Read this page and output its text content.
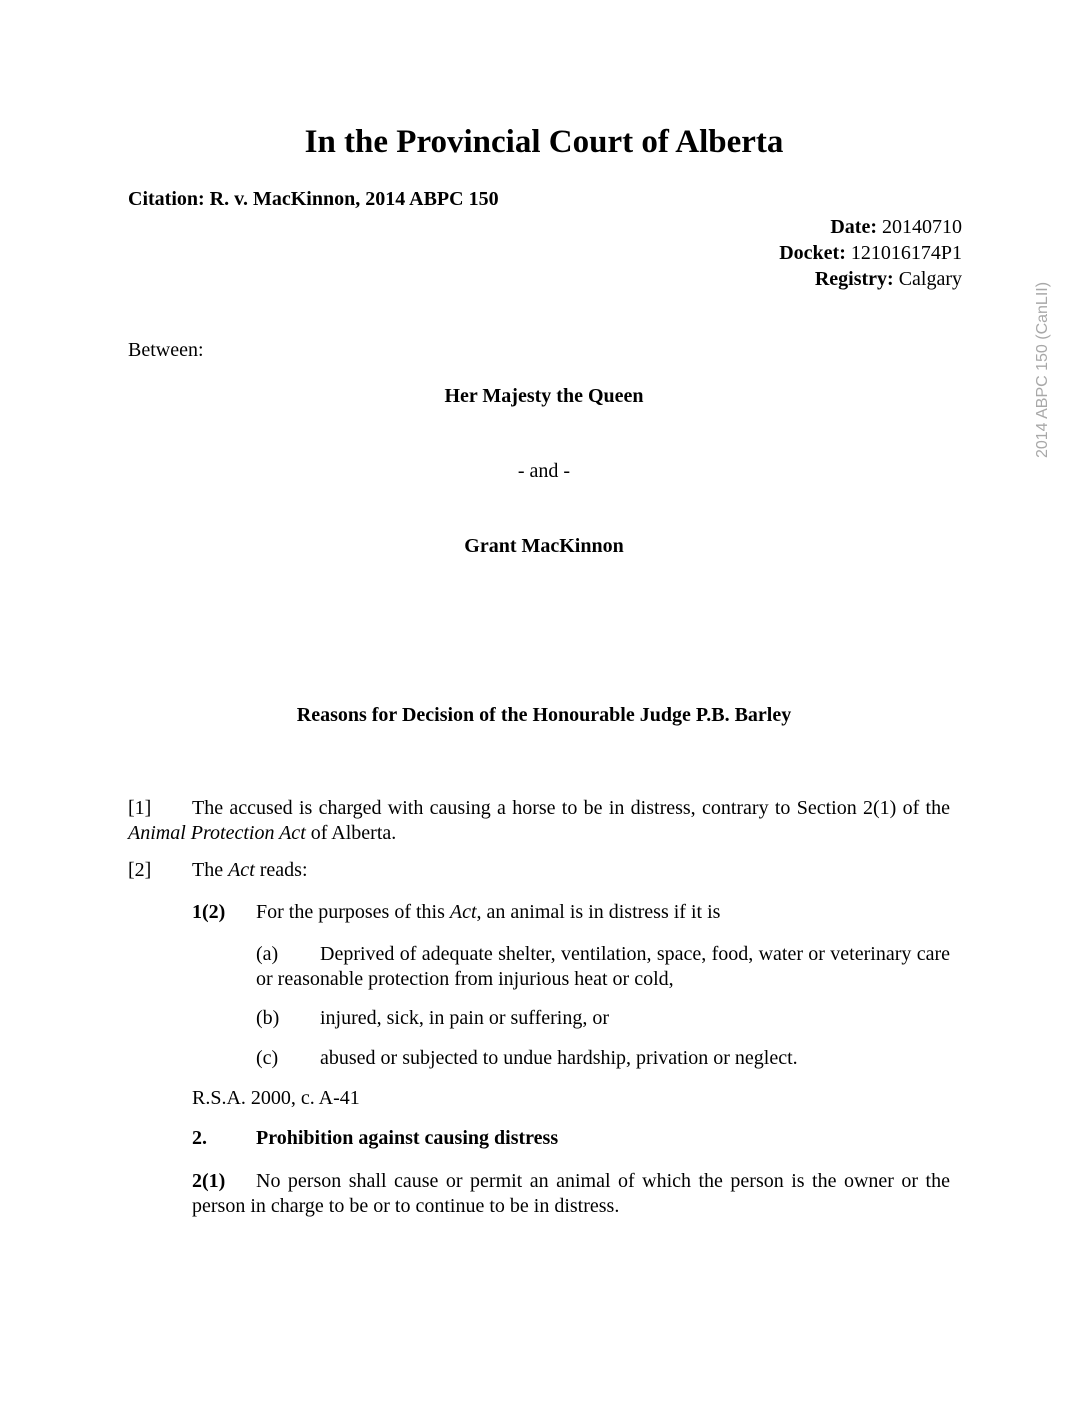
In the Provincial Court of Alberta
Citation: R. v. MacKinnon, 2014 ABPC 150
Date: 20140710
Docket: 121016174P1
Registry: Calgary
Between:
Her Majesty the Queen
- and -
Grant MacKinnon
Reasons for Decision of the Honourable Judge P.B. Barley
[1] The accused is charged with causing a horse to be in distress, contrary to Section 2(1) of the Animal Protection Act of Alberta.
[2] The Act reads:
1(2) For the purposes of this Act, an animal is in distress if it is
(a) Deprived of adequate shelter, ventilation, space, food, water or veterinary care or reasonable protection from injurious heat or cold,
(b) injured, sick, in pain or suffering, or
(c) abused or subjected to undue hardship, privation or neglect.
R.S.A. 2000, c. A-41
2. Prohibition against causing distress
2(1) No person shall cause or permit an animal of which the person is the owner or the person in charge to be or to continue to be in distress.
2014 ABPC 150 (CanLII)
